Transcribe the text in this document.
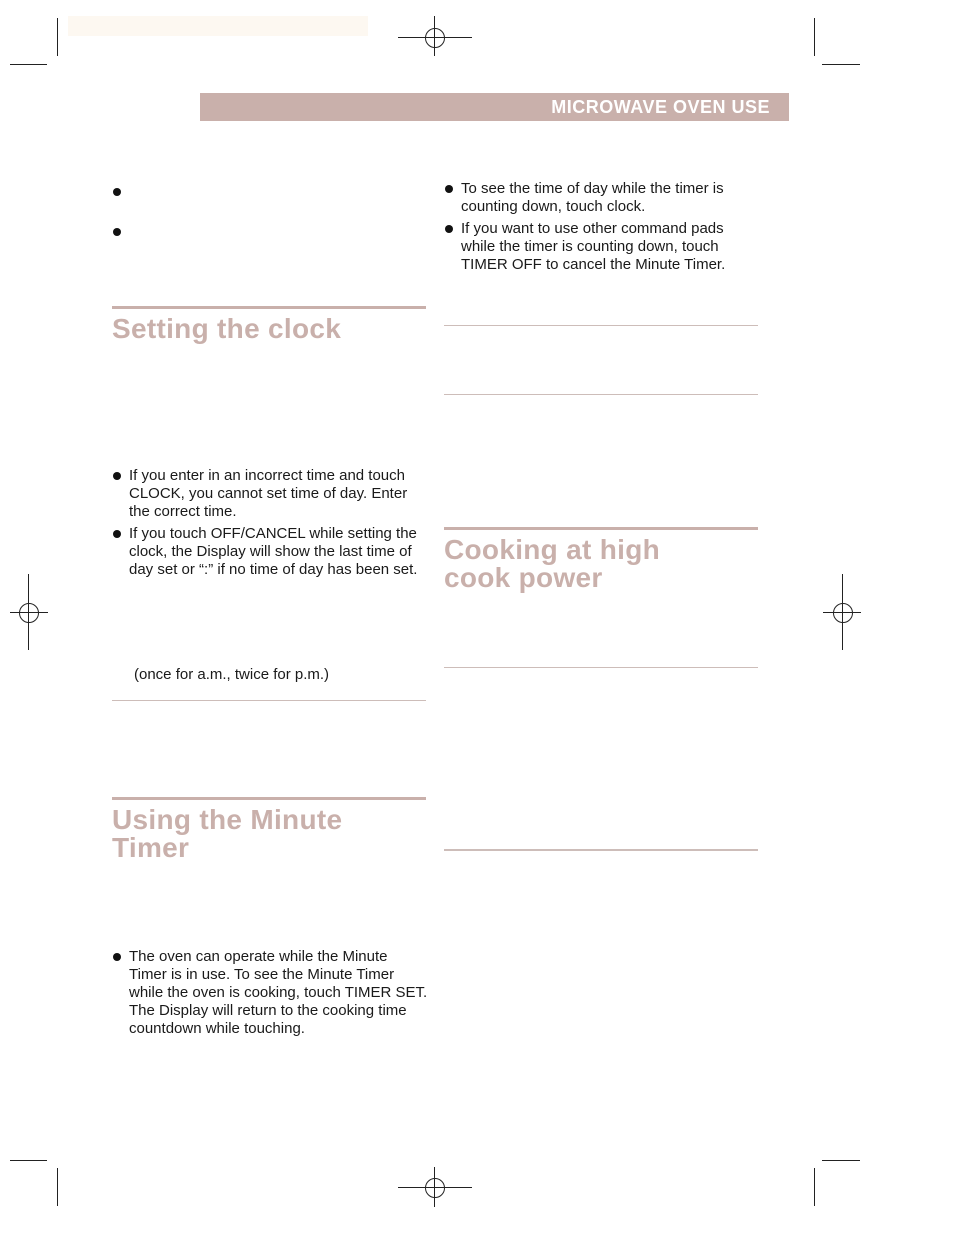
MICROWAVE OVEN USE
To see the time of day while the timer is counting down, touch clock.
If you want to use other command pads while the timer is counting down, touch TIMER OFF to cancel the Minute Timer.
Setting the clock
If you enter in an incorrect time and touch CLOCK, you cannot set time of day. Enter the correct time.
If you touch OFF/CANCEL while setting the clock, the Display will show the last time of day set or “:” if no time of day has been set.
(once for a.m., twice for p.m.)
Cooking at high
cook power
Using the Minute
Timer
The oven can operate while the Minute Timer is in use. To see the Minute Timer while the oven is cooking, touch TIMER SET. The Display will return to the cooking time countdown while touching.
